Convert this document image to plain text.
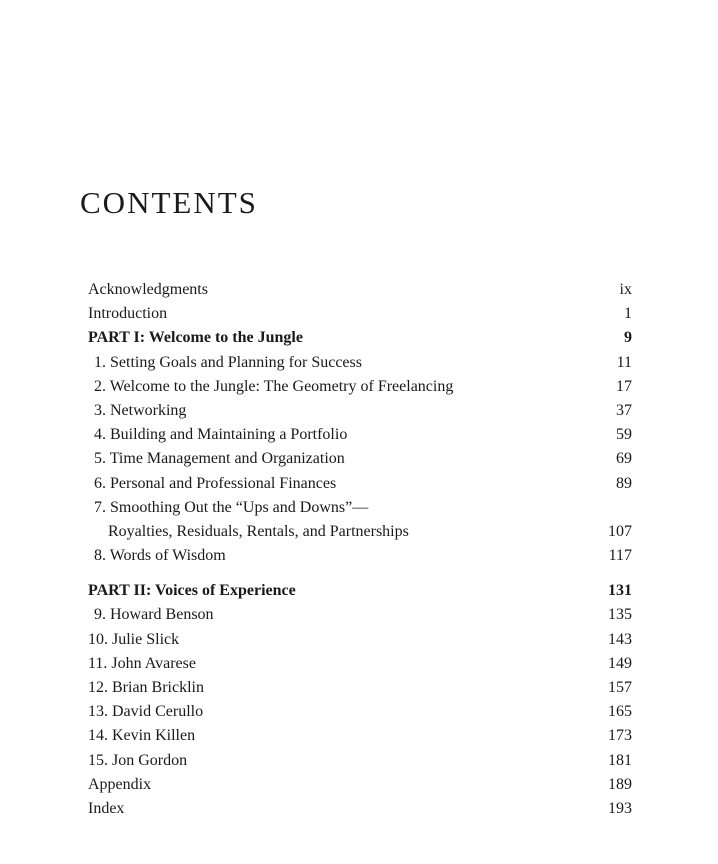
CONTENTS
Acknowledgments	ix
Introduction	1
PART I: Welcome to the Jungle	9
1. Setting Goals and Planning for Success	11
2. Welcome to the Jungle: The Geometry of Freelancing	17
3. Networking	37
4. Building and Maintaining a Portfolio	59
5. Time Management and Organization	69
6. Personal and Professional Finances	89
7. Smoothing Out the “Ups and Downs”—
Royalties, Residuals, Rentals, and Partnerships	107
8. Words of Wisdom	117
PART II: Voices of Experience	131
9. Howard Benson	135
10. Julie Slick	143
11. John Avarese	149
12. Brian Bricklin	157
13. David Cerullo	165
14. Kevin Killen	173
15. Jon Gordon	181
Appendix	189
Index	193
